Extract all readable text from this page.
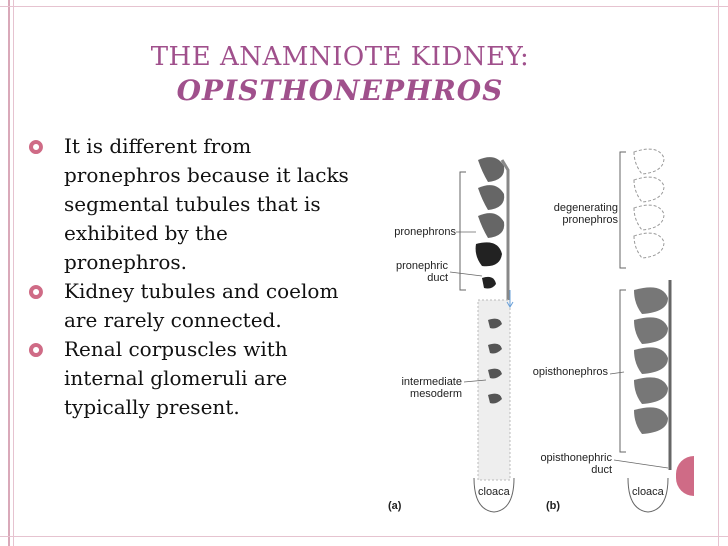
THE ANAMNIOTE KIDNEY:
OPISTHONEPHROS
It is different from pronephros because it lacks segmental tubules that is exhibited by the pronephros.
Kidney tubules and coelom are rarely connected.
Renal corpuscles with internal glomeruli are typically present.
pronephrons
pronephric
duct
intermediate
mesoderm
cloaca
(a)
degenerating
pronephros
opisthonephros
opisthonephric
duct
cloaca
(b)
